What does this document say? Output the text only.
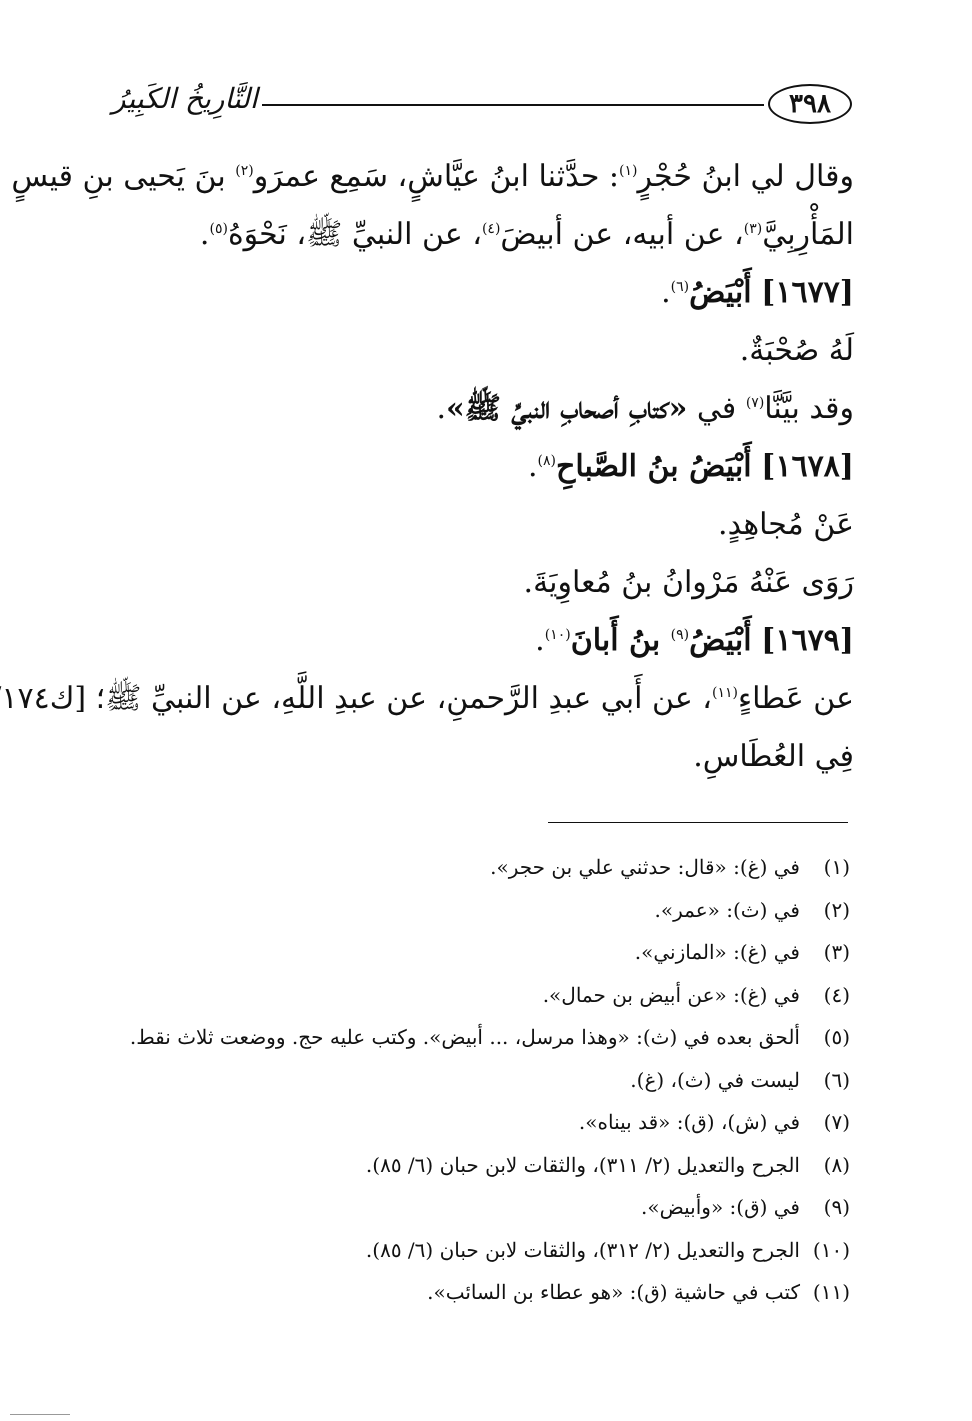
التَّارِيخُ الكَبِيرُ	٣٩٨
وقال لي ابنُ حُجْرٍ$^{(١)}$: حدَّثنا ابنُ عيَّاشٍ، سَمِع عمرَو$^{(٢)}$ بنَ يَحيى بنِ قيسٍ
المَأْرِبِيَّ$^{(٣)}$، عن أبيه، عن أبيضَ$^{(٤)}$، عن النبيِّ ﷺ، نَحْوَهُ$^{(٥)}$.
[١٦٧٧] أَبْيَضُ$^{(٦)}$.
لَهُ صُحْبَةٌ.
وقد بيَّنَّا$^{(٧)}$ في «كتابِ أصحابِ النبيِّ ﷺ».
[١٦٧٨] أَبْيَضُ بنُ الصَّباحِ$^{(٨)}$.
عَنْ مُجاهِدٍ.
رَوَى عَنْهُ مَرْوانُ بنُ مُعاوِيَةَ.
[١٦٧٩] أَبْيَضُ$^{(٩)}$ بنُ أَبانَ$^{(١٠)}$.
عن عَطاءٍ$^{(١١)}$، عن أَبي عبدِ الرَّحمنِ، عن عبدِ اللَّهِ، عن النبيِّ ﷺ؛ [ك١٧٤
فِي العُطَاسِ.
(١)
في (غ): «قال: حدثني علي بن حجر».
(٢)
في (ث): «عمر».
(٣)
في (غ): «المازني».
(٤)
في (غ): «عن أبيض بن حمال».
(٥)
ألحق بعده في (ث): «وهذا مرسل، ... أبيض». وكتب عليه حج. ووضعت ثلاث نقط.
(٦)
ليست في (ث)، (غ).
(٧)
في (ش)، (ق): «قد بيناه».
(٨)
الجرح والتعديل (٢/ ٣١١)، والثقات لابن حبان (٦/ ٨٥).
(٩)
في (ق): «وأبيض».
(١٠)
الجرح والتعديل (٢/ ٣١٢)، والثقات لابن حبان (٦/ ٨٥).
(١١)
كتب في حاشية (ق): «هو عطاء بن السائب».
